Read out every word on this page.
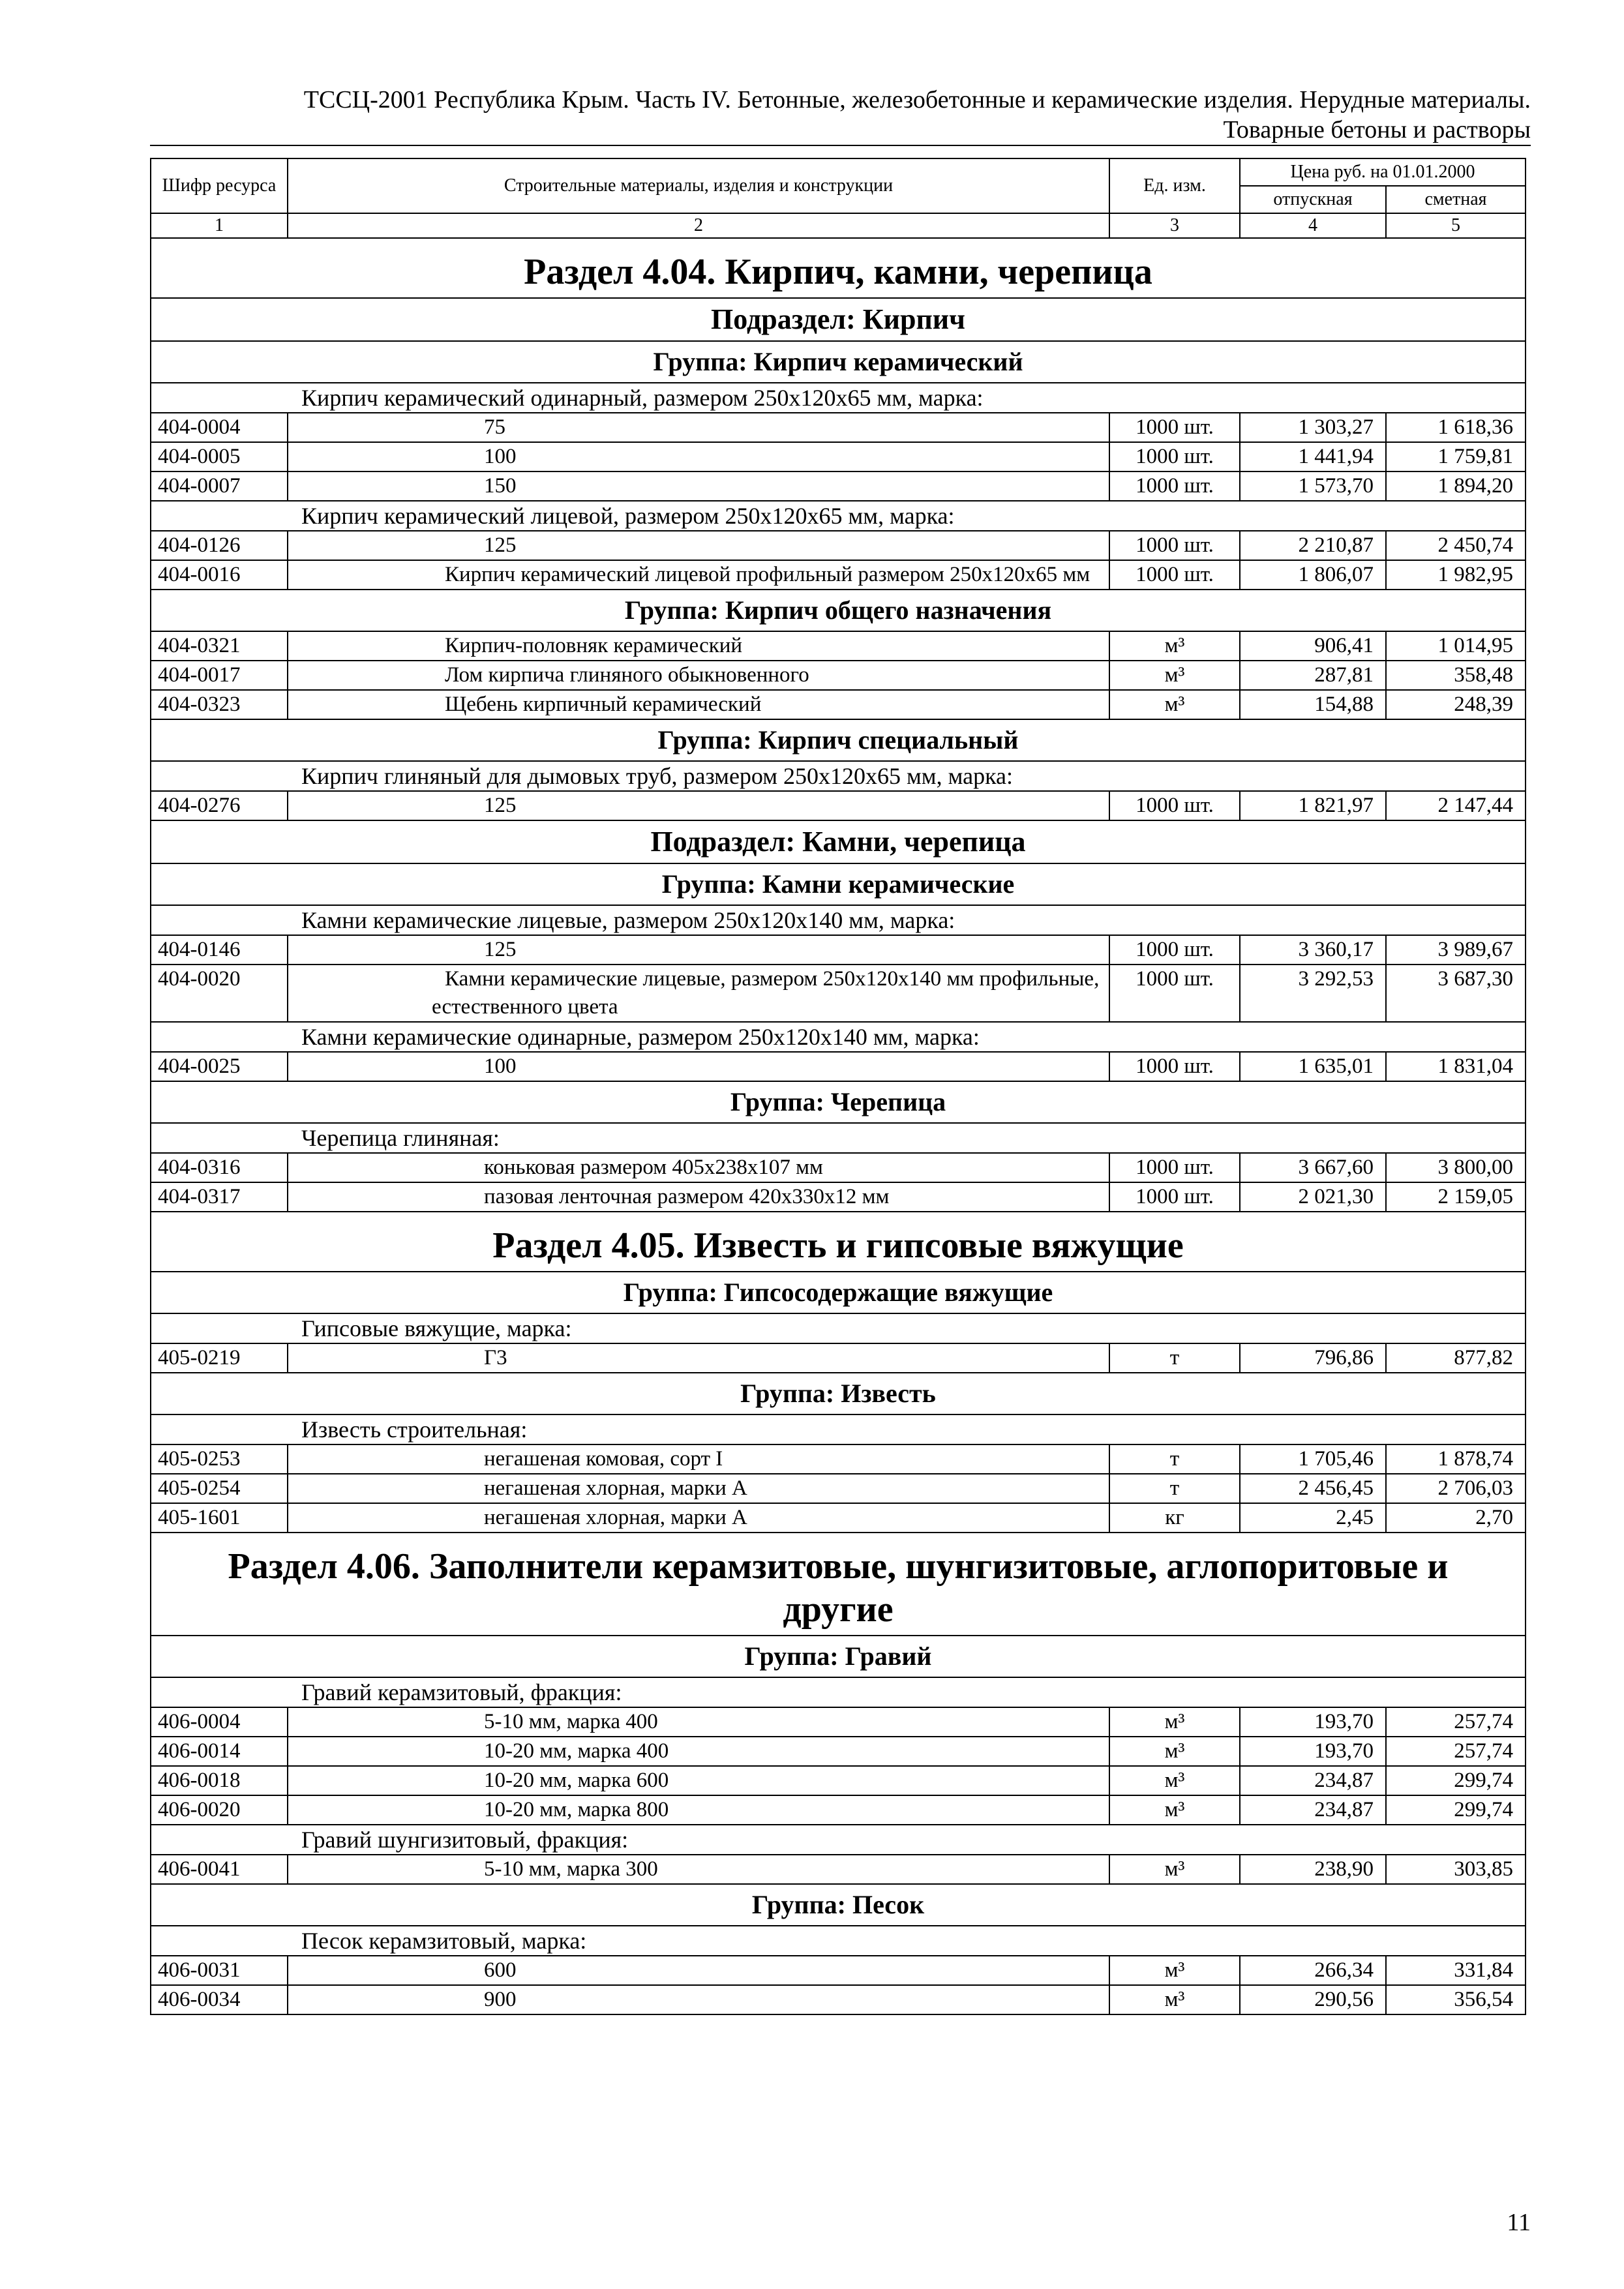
ТССЦ-2001 Республика Крым. Часть IV. Бетонные, железобетонные и керамические изделия. Нерудные материалы.
Товарные бетоны и растворы
Шифр ресурса	Строительные материалы, изделия и конструкции	Ед. изм.	Цена руб. на 01.01.2000	
			отпускная	сметная
1	2	3	4	5
Раздел 4.04. Кирпич, камни, черепица				
Подраздел: Кирпич				
Группа: Кирпич керамический				
Кирпич керамический одинарный, размером 250х120х65 мм, марка:				
404-0004	75	1000 шт.	1 303,27	1 618,36
404-0005	100	1000 шт.	1 441,94	1 759,81
404-0007	150	1000 шт.	1 573,70	1 894,20
Кирпич керамический лицевой, размером 250х120х65 мм, марка:				
404-0126	125	1000 шт.	2 210,87	2 450,74
404-0016	Кирпич керамический лицевой профильный размером 250х120х65 мм	1000 шт.	1 806,07	1 982,95
Группа: Кирпич общего назначения				
404-0321	Кирпич-половняк керамический	м³	906,41	1 014,95
404-0017	Лом кирпича глиняного обыкновенного	м³	287,81	358,48
404-0323	Щебень кирпичный керамический	м³	154,88	248,39
Группа: Кирпич специальный				
Кирпич глиняный для дымовых труб, размером 250х120х65 мм, марка:				
404-0276	125	1000 шт.	1 821,97	2 147,44
Подраздел: Камни, черепица				
Группа: Камни керамические				
Камни керамические лицевые, размером 250х120х140 мм, марка:				
404-0146	125	1000 шт.	3 360,17	3 989,67
404-0020	Камни керамические лицевые, размером 250х120х140 мм профильные, естественного цвета	1000 шт.	3 292,53	3 687,30
Камни керамические одинарные, размером 250х120х140 мм, марка:				
404-0025	100	1000 шт.	1 635,01	1 831,04
Группа: Черепица				
Черепица глиняная:				
404-0316	коньковая размером 405х238х107 мм	1000 шт.	3 667,60	3 800,00
404-0317	пазовая ленточная размером 420х330х12 мм	1000 шт.	2 021,30	2 159,05
Раздел 4.05. Известь и гипсовые вяжущие				
Группа: Гипсосодержащие вяжущие				
Гипсовые вяжущие, марка:				
405-0219	Г3	т	796,86	877,82
Группа: Известь				
Известь строительная:				
405-0253	негашеная комовая, сорт I	т	1 705,46	1 878,74
405-0254	негашеная хлорная, марки А	т	2 456,45	2 706,03
405-1601	негашеная хлорная, марки А	кг	2,45	2,70
Раздел 4.06. Заполнители керамзитовые, шунгизитовые, аглопоритовые и другие				
Группа: Гравий				
Гравий керамзитовый, фракция:				
406-0004	5-10 мм, марка 400	м³	193,70	257,74
406-0014	10-20 мм, марка 400	м³	193,70	257,74
406-0018	10-20 мм, марка 600	м³	234,87	299,74
406-0020	10-20 мм, марка 800	м³	234,87	299,74
Гравий шунгизитовый, фракция:				
406-0041	5-10 мм, марка 300	м³	238,90	303,85
Группа: Песок				
Песок керамзитовый, марка:				
406-0031	600	м³	266,34	331,84
406-0034	900	м³	290,56	356,54
11
